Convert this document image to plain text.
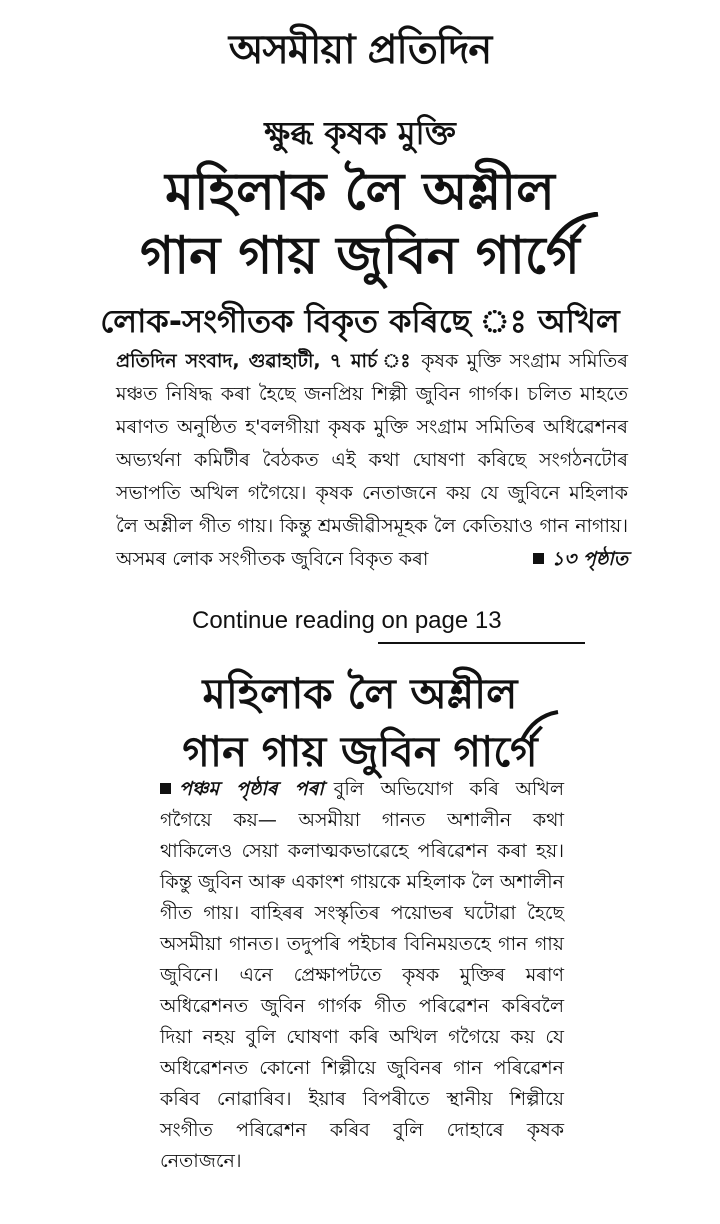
অসমীয়া প্ৰতিদিন
ক্ষুব্ধ কৃষক মুক্তি
মহিলাক লৈ অশ্লীল
গান গায় জুবিন গাৰ্গে
লোক-সংগীতক বিকৃত কৰিছে ঃ অখিল

প্ৰতিদিন সংবাদ, গুৱাহাটী, ৭ মাৰ্চ ঃ কৃষক মুক্তি সংগ্ৰাম সমিতিৰ মঞ্চত নিষিদ্ধ কৰা হৈছে জনপ্ৰিয় শিল্পী জুবিন গাৰ্গক। চলিত মাহতে মৰাণত অনুষ্ঠিত হ'বলগীয়া কৃষক মুক্তি সংগ্ৰাম সমিতিৰ অধিৱেশনৰ অভ্যৰ্থনা কমিটীৰ বৈঠকত এই কথা ঘোষণা কৰিছে সংগঠনটোৰ সভাপতি অখিল গগৈয়ে। কৃষক নেতাজনে কয় যে জুবিনে মহিলাক লৈ অশ্লীল গীত গায়। কিন্তু শ্ৰমজীৱীসমূহক লৈ কেতিয়াও গান নাগায়। অসমৰ লোক সংগীতক জুবিনে বিকৃত কৰা	১৩ পৃষ্ঠাত

Continue reading on page 13
মহিলাক লৈ অশ্লীল
গান গায় জুবিন গাৰ্গে

পঞ্চম পৃষ্ঠাৰ পৰা বুলি অভিযোগ কৰি অখিল গগৈয়ে কয়— অসমীয়া গানত অশালীন কথা থাকিলেও সেয়া কলাত্মকভাৱেহে পৰিৱেশন কৰা হয়। কিন্তু জুবিন আৰু একাংশ গায়কে মহিলাক লৈ অশালীন গীত গায়। বাহিৰৰ সংস্কৃতিৰ পয়োভৰ ঘটোৱা হৈছে অসমীয়া গানত। তদুপৰি পইচাৰ বিনিময়তহে গান গায় জুবিনে। এনে প্ৰেক্ষাপটতে কৃষক মুক্তিৰ মৰাণ অধিৱেশনত জুবিন গাৰ্গক গীত পৰিৱেশন কৰিবলৈ দিয়া নহয় বুলি ঘোষণা কৰি অখিল গগৈয়ে কয় যে অধিৱেশনত কোনো শিল্পীয়ে জুবিনৰ গান পৰিৱেশন কৰিব নোৱাৰিব। ইয়াৰ বিপৰীতে স্থানীয় শিল্পীয়ে সংগীত পৰিৱেশন কৰিব বুলি দোহাৰে কৃষক নেতাজনে।
